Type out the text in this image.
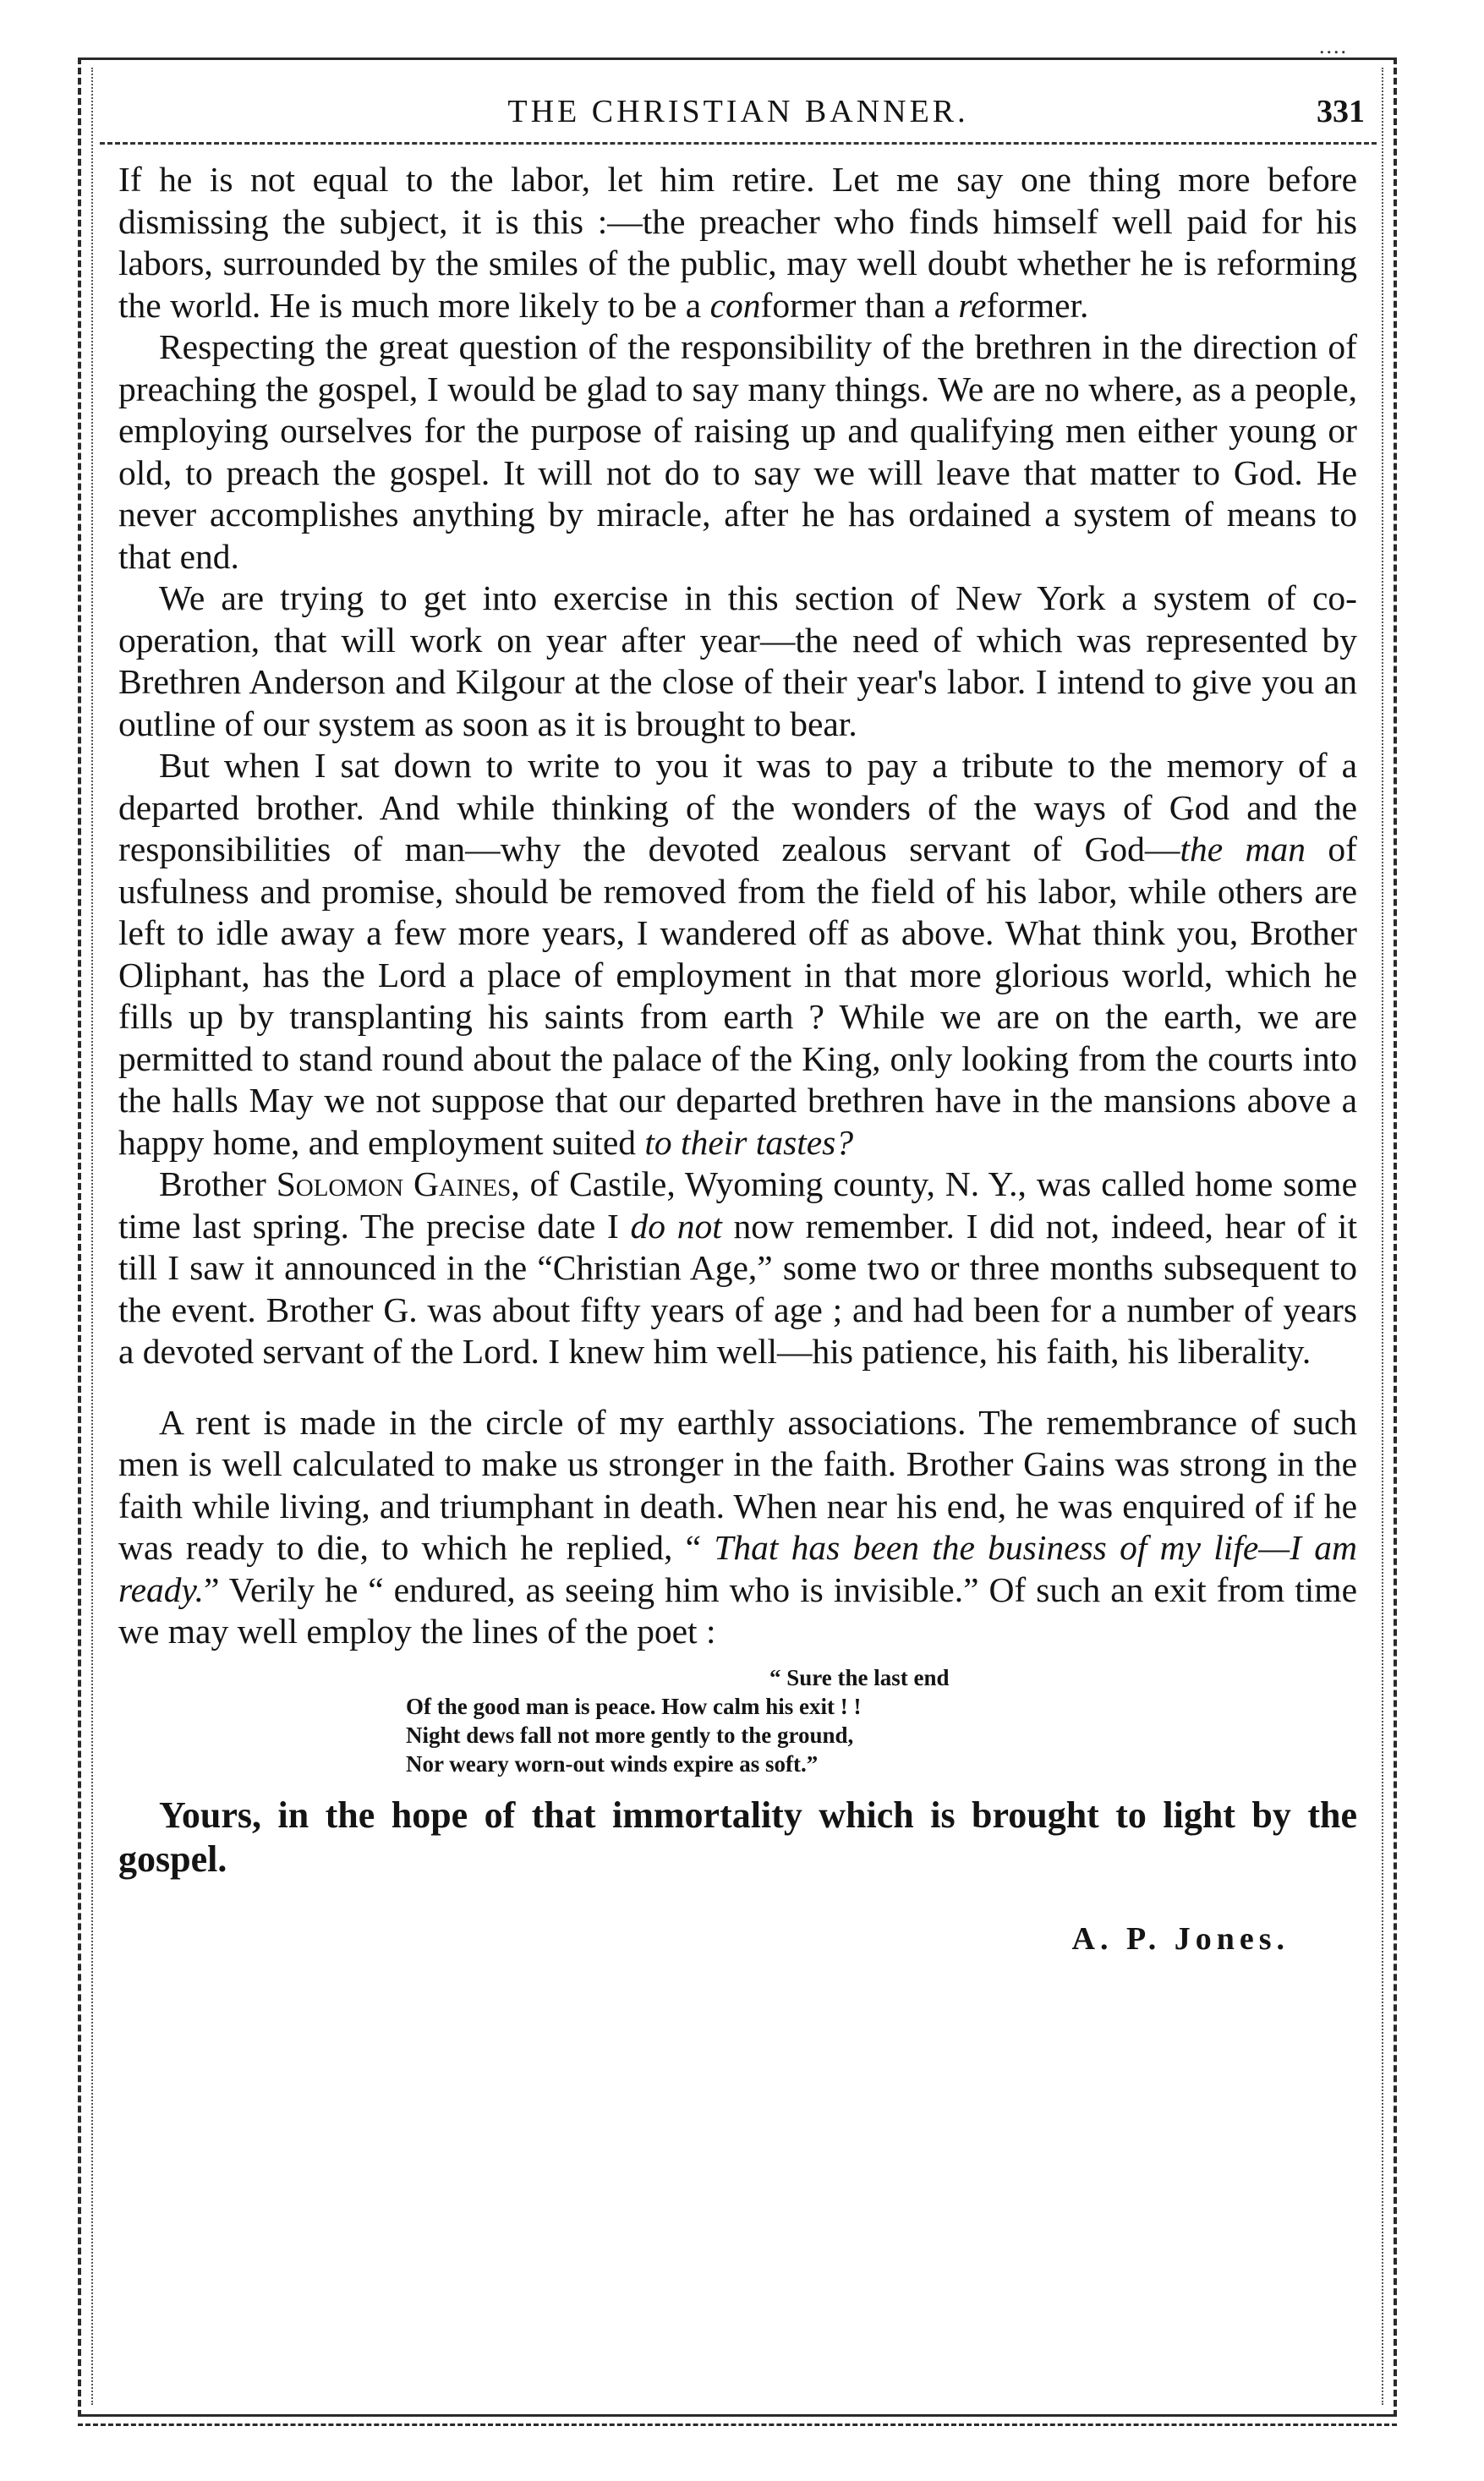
....
THE CHRISTIAN BANNER.	331

If he is not equal to the labor, let him retire. Let me say one thing more before dismissing the subject, it is this :—the preacher who finds himself well paid for his labors, surrounded by the smiles of the public, may well doubt whether he is reforming the world. He is much more likely to be a conformer than a reformer.

Respecting the great question of the responsibility of the brethren in the direction of preaching the gospel, I would be glad to say many things. We are no where, as a people, employing ourselves for the purpose of raising up and qualifying men either young or old, to preach the gospel. It will not do to say we will leave that matter to God. He never accomplishes anything by miracle, after he has ordained a system of means to that end.

We are trying to get into exercise in this section of New York a system of co-operation, that will work on year after year—the need of which was represented by Brethren Anderson and Kilgour at the close of their year's labor. I intend to give you an outline of our system as soon as it is brought to bear.

But when I sat down to write to you it was to pay a tribute to the memory of a departed brother. And while thinking of the wonders of the ways of God and the responsibilities of man—why the devoted zealous servant of God—the man of usfulness and promise, should be removed from the field of his labor, while others are left to idle away a few more years, I wandered off as above. What think you, Brother Oliphant, has the Lord a place of employment in that more glorious world, which he fills up by transplanting his saints from earth ? While we are on the earth, we are permitted to stand round about the palace of the King, only looking from the courts into the halls May we not suppose that our departed brethren have in the mansions above a happy home, and employment suited to their tastes?

Brother Solomon Gaines, of Castile, Wyoming county, N. Y., was called home some time last spring. The precise date I do not now remember. I did not, indeed, hear of it till I saw it announced in the “Christian Age,” some two or three months subsequent to the event. Brother G. was about fifty years of age ; and had been for a number of years a devoted servant of the Lord. I knew him well—his patience, his faith, his liberality.

A rent is made in the circle of my earthly associations. The remembrance of such men is well calculated to make us stronger in the faith. Brother Gains was strong in the faith while living, and triumphant in death. When near his end, he was enquired of if he was ready to die, to which he replied, “ That has been the business of my life—I am ready.” Verily he “ endured, as seeing him who is invisible.” Of such an exit from time we may well employ the lines of the poet :

“ Sure the last end
Of the good man is peace. How calm his exit ! !
Night dews fall not more gently to the ground,
Nor weary worn-out winds expire as soft.”

Yours, in the hope of that immortality which is brought to light by the gospel.

A. P. Jones.
